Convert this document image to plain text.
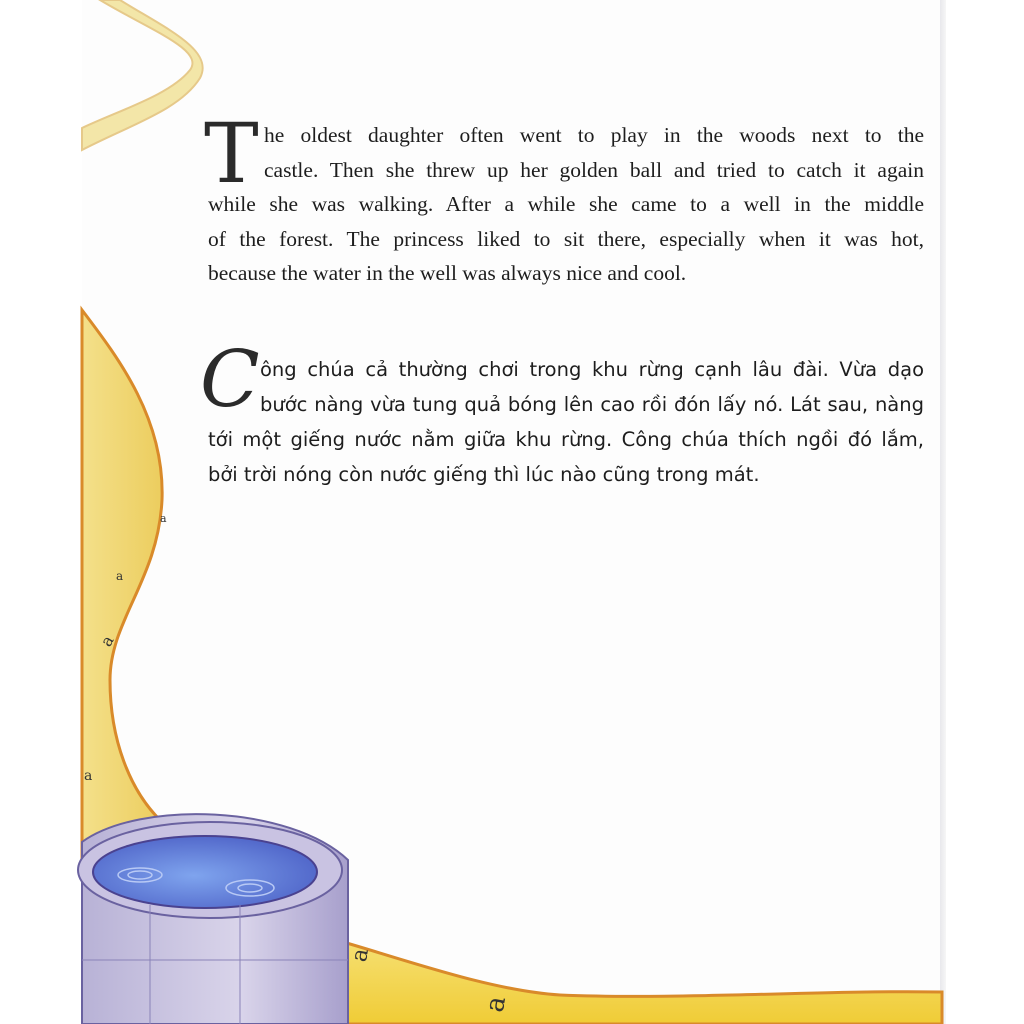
a
a
a
a
a
a
T he oldest daughter often went to play in the woods next to the
castle. Then she threw up her golden ball and tried to catch it again
while she was walking. After a while she came to a well in the middle
of the forest. The princess liked to sit there, especially when it was hot,
because the water in the well was always nice and cool.
C ông chúa cả thường chơi trong khu rừng cạnh lâu đài. Vừa dạo
bước nàng vừa tung quả bóng lên cao rồi đón lấy nó. Lát sau, nàng
tới một giếng nước nằm giữa khu rừng. Công chúa thích ngồi đó lắm,
bởi trời nóng còn nước giếng thì lúc nào cũng trong mát.
